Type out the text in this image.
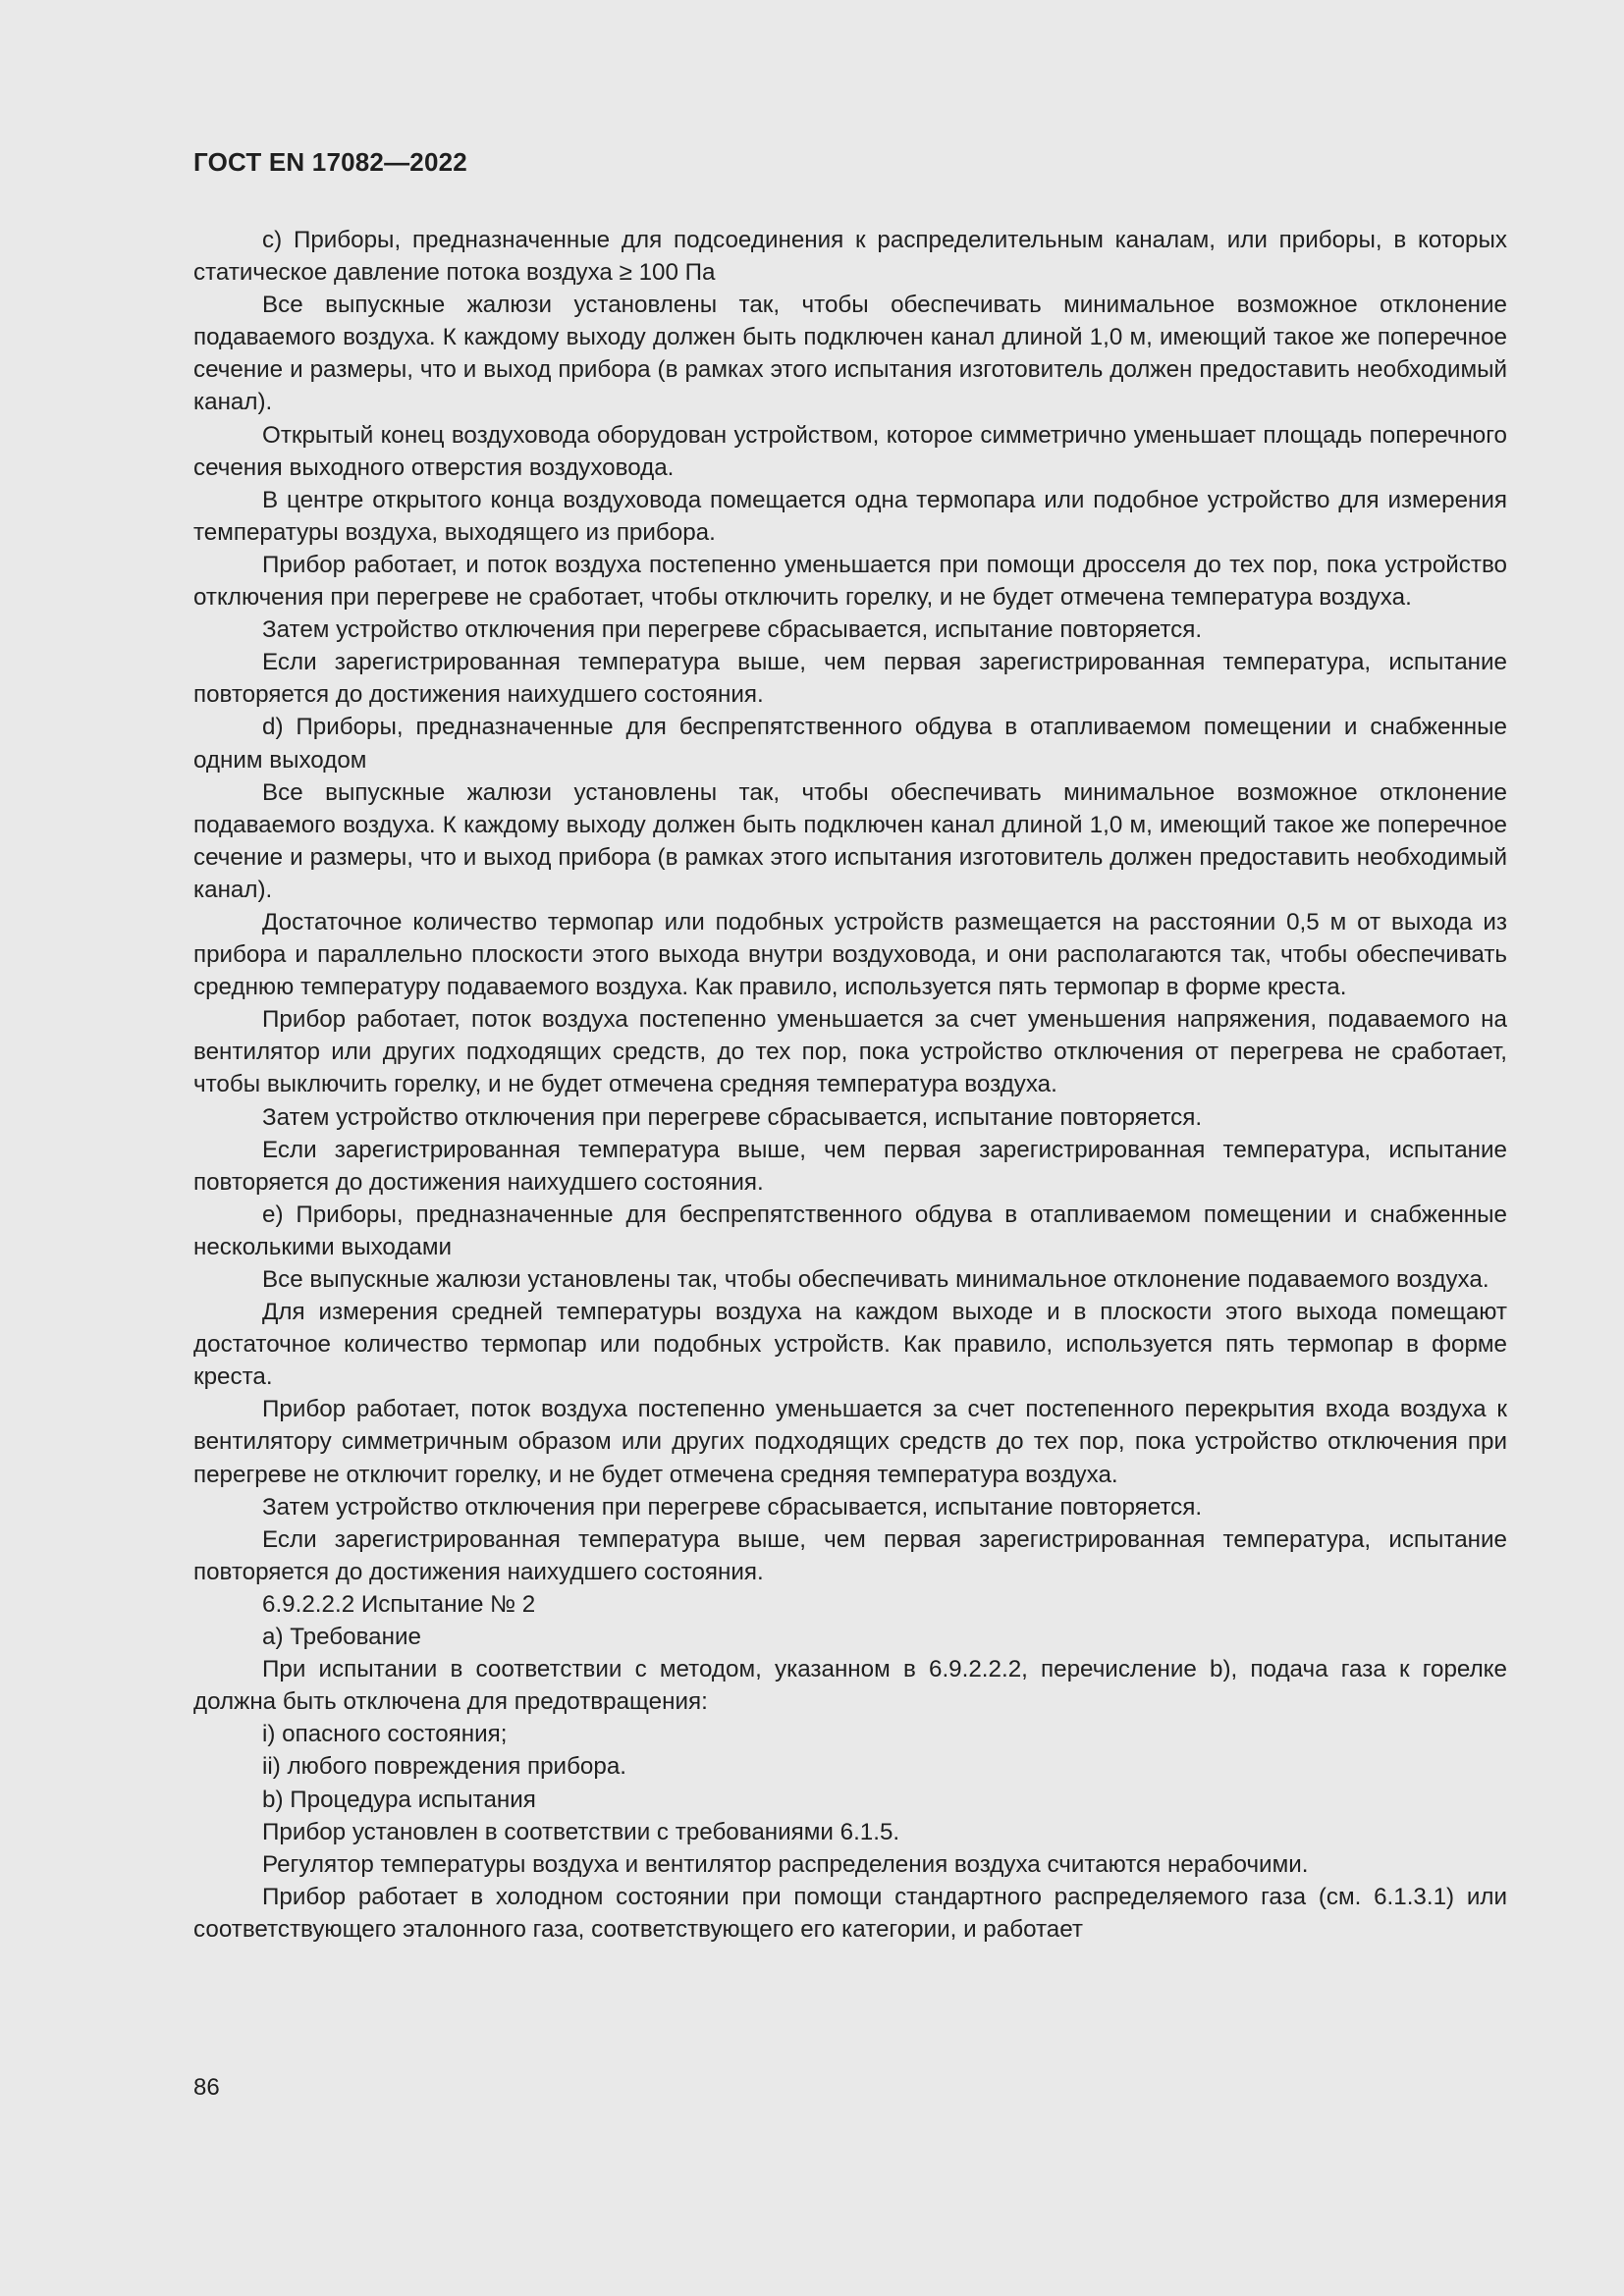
ГОСТ EN 17082—2022

с) Приборы, предназначенные для подсоединения к распределительным каналам, или приборы, в которых статическое давление потока воздуха ≥ 100 Па

Все выпускные жалюзи установлены так, чтобы обеспечивать минимальное возможное отклонение подаваемого воздуха. К каждому выходу должен быть подключен канал длиной 1,0 м, имеющий такое же поперечное сечение и размеры, что и выход прибора (в рамках этого испытания изготовитель должен предоставить необходимый канал).

Открытый конец воздуховода оборудован устройством, которое симметрично уменьшает площадь поперечного сечения выходного отверстия воздуховода.

В центре открытого конца воздуховода помещается одна термопара или подобное устройство для измерения температуры воздуха, выходящего из прибора.

Прибор работает, и поток воздуха постепенно уменьшается при помощи дросселя до тех пор, пока устройство отключения при перегреве не сработает, чтобы отключить горелку, и не будет отмечена температура воздуха.

Затем устройство отключения при перегреве сбрасывается, испытание повторяется.

Если зарегистрированная температура выше, чем первая зарегистрированная температура, испытание повторяется до достижения наихудшего состояния.

d) Приборы, предназначенные для беспрепятственного обдува в отапливаемом помещении и снабженные одним выходом

Все выпускные жалюзи установлены так, чтобы обеспечивать минимальное возможное отклонение подаваемого воздуха. К каждому выходу должен быть подключен канал длиной 1,0 м, имеющий такое же поперечное сечение и размеры, что и выход прибора (в рамках этого испытания изготовитель должен предоставить необходимый канал).

Достаточное количество термопар или подобных устройств размещается на расстоянии 0,5 м от выхода из прибора и параллельно плоскости этого выхода внутри воздуховода, и они располагаются так, чтобы обеспечивать среднюю температуру подаваемого воздуха. Как правило, используется пять термопар в форме креста.

Прибор работает, поток воздуха постепенно уменьшается за счет уменьшения напряжения, подаваемого на вентилятор или других подходящих средств, до тех пор, пока устройство отключения от перегрева не сработает, чтобы выключить горелку, и не будет отмечена средняя температура воздуха.

Затем устройство отключения при перегреве сбрасывается, испытание повторяется.

Если зарегистрированная температура выше, чем первая зарегистрированная температура, испытание повторяется до достижения наихудшего состояния.

е) Приборы, предназначенные для беспрепятственного обдува в отапливаемом помещении и снабженные несколькими выходами

Все выпускные жалюзи установлены так, чтобы обеспечивать минимальное отклонение подаваемого воздуха.

Для измерения средней температуры воздуха на каждом выходе и в плоскости этого выхода помещают достаточное количество термопар или подобных устройств. Как правило, используется пять термопар в форме креста.

Прибор работает, поток воздуха постепенно уменьшается за счет постепенного перекрытия входа воздуха к вентилятору симметричным образом или других подходящих средств до тех пор, пока устройство отключения при перегреве не отключит горелку, и не будет отмечена средняя температура воздуха.

Затем устройство отключения при перегреве сбрасывается, испытание повторяется.

Если зарегистрированная температура выше, чем первая зарегистрированная температура, испытание повторяется до достижения наихудшего состояния.

6.9.2.2.2 Испытание № 2

а) Требование

При испытании в соответствии с методом, указанном в 6.9.2.2.2, перечисление b), подача газа к горелке должна быть отключена для предотвращения:

i) опасного состояния;

ii) любого повреждения прибора.

b) Процедура испытания

Прибор установлен в соответствии с требованиями 6.1.5.

Регулятор температуры воздуха и вентилятор распределения воздуха считаются нерабочими.

Прибор работает в холодном состоянии при помощи стандартного распределяемого газа (см. 6.1.3.1) или соответствующего эталонного газа, соответствующего его категории, и работает

86
